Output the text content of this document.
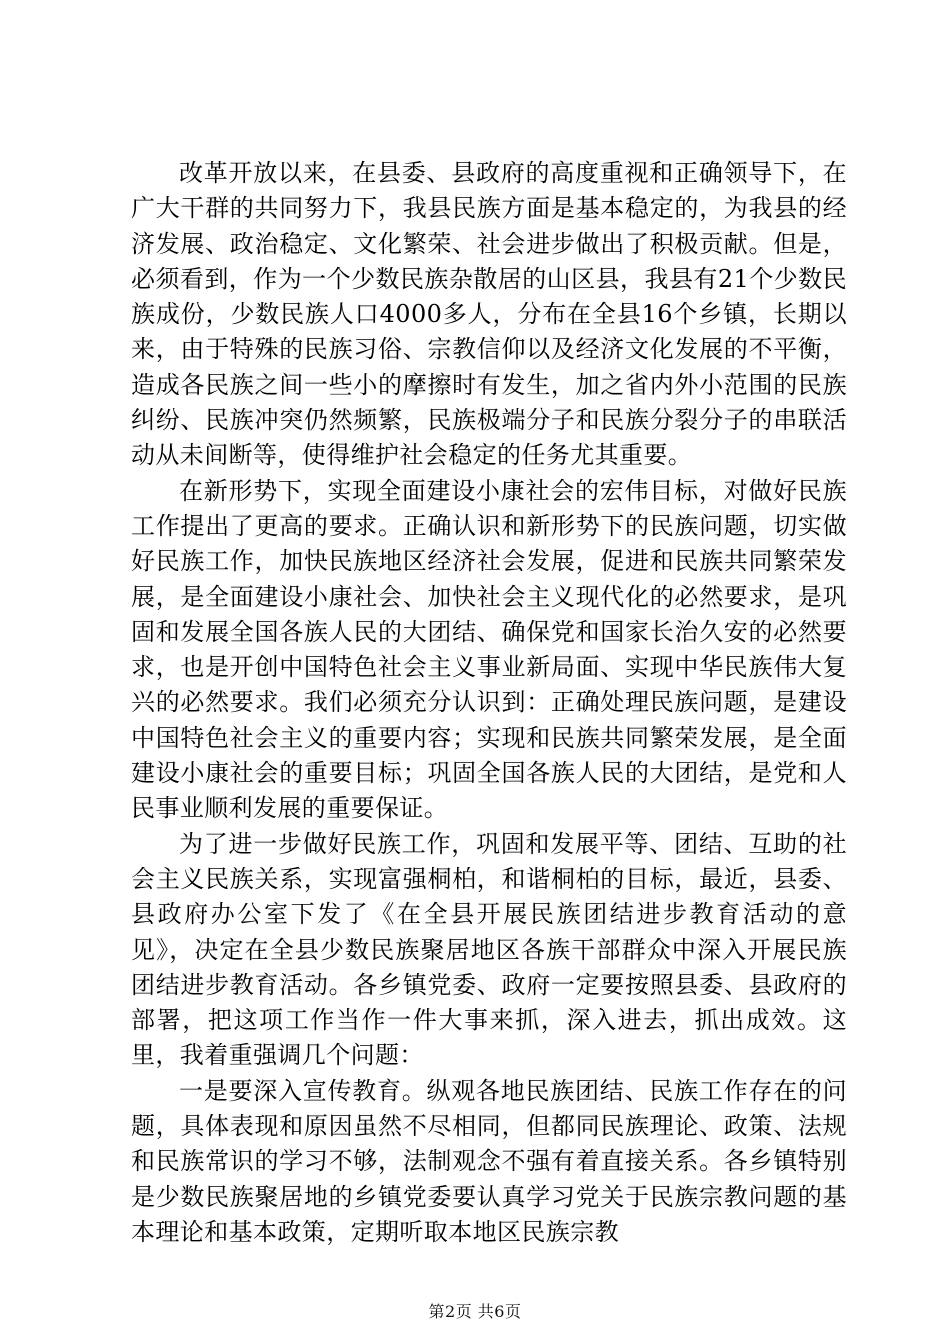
改革开放以来，在县委、县政府的高度重视和正确领导下，在广大干群的共同努力下，我县民族方面是基本稳定的，为我县的经济发展、政治稳定、文化繁荣、社会进步做出了积极贡献。但是，必须看到，作为一个少数民族杂散居的山区县，我县有21个少数民族成份，少数民族人口4000多人，分布在全县16个乡镇，长期以来，由于特殊的民族习俗、宗教信仰以及经济文化发展的不平衡，造成各民族之间一些小的摩擦时有发生，加之省内外小范围的民族纠纷、民族冲突仍然频繁，民族极端分子和民族分裂分子的串联活动从未间断等，使得维护社会稳定的任务尤其重要。

在新形势下，实现全面建设小康社会的宏伟目标，对做好民族工作提出了更高的要求。正确认识和新形势下的民族问题，切实做好民族工作，加快民族地区经济社会发展，促进和民族共同繁荣发展，是全面建设小康社会、加快社会主义现代化的必然要求，是巩固和发展全国各族人民的大团结、确保党和国家长治久安的必然要求，也是开创中国特色社会主义事业新局面、实现中华民族伟大复兴的必然要求。我们必须充分认识到：正确处理民族问题，是建设中国特色社会主义的重要内容；实现和民族共同繁荣发展，是全面建设小康社会的重要目标；巩固全国各族人民的大团结，是党和人民事业顺利发展的重要保证。

为了进一步做好民族工作，巩固和发展平等、团结、互助的社会主义民族关系，实现富强桐柏，和谐桐柏的目标，最近，县委、县政府办公室下发了《在全县开展民族团结进步教育活动的意见》，决定在全县少数民族聚居地区各族干部群众中深入开展民族团结进步教育活动。各乡镇党委、政府一定要按照县委、县政府的部署，把这项工作当作一件大事来抓，深入进去，抓出成效。这里，我着重强调几个问题：

一是要深入宣传教育。纵观各地民族团结、民族工作存在的问题，具体表现和原因虽然不尽相同，但都同民族理论、政策、法规和民族常识的学习不够，法制观念不强有着直接关系。各乡镇特别是少数民族聚居地的乡镇党委要认真学习党关于民族宗教问题的基本理论和基本政策，定期听取本地区民族宗教

第2页 共6页
